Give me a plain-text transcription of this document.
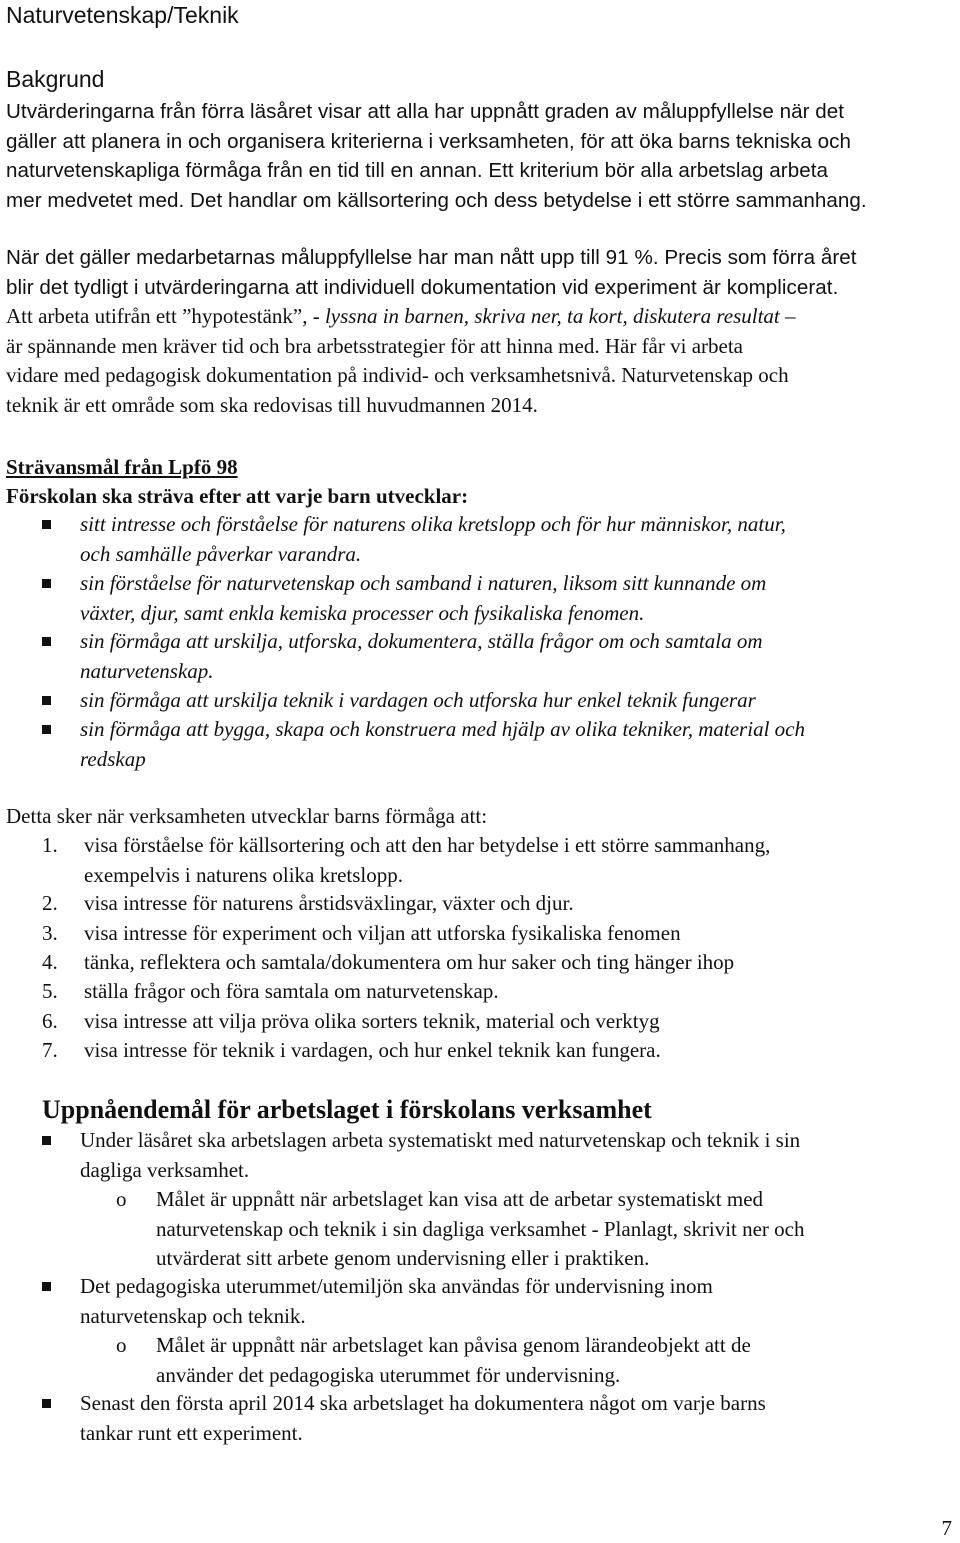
Naturvetenskap/Teknik
Bakgrund

Utvärderingarna från förra läsåret visar att alla har uppnått graden av måluppfyllelse när det
gäller att planera in och organisera kriterierna i verksamheten, för att öka barns tekniska och
naturvetenskapliga förmåga från en tid till en annan. Ett kriterium bör alla arbetslag arbeta
mer medvetet med. Det handlar om källsortering och dess betydelse i ett större sammanhang.

När det gäller medarbetarnas måluppfyllelse har man nått upp till 91 %. Precis som förra året
blir det tydligt i utvärderingarna att individuell dokumentation vid experiment är komplicerat.

Att arbeta utifrån ett ”hypotestänk”, - lyssna in barnen, skriva ner, ta kort, diskutera resultat –
är spännande men kräver tid och bra arbetsstrategier för att hinna med. Här får vi arbeta
vidare med pedagogisk dokumentation på individ- och verksamhetsnivå. Naturvetenskap och
teknik är ett område som ska redovisas till huvudmannen 2014.

Strävansmål från Lpfö 98

Förskolan ska sträva efter att varje barn utvecklar:

sitt intresse och förståelse för naturens olika kretslopp och för hur människor, natur,
och samhälle påverkar varandra.
sin förståelse för naturvetenskap och samband i naturen, liksom sitt kunnande om
växter, djur, samt enkla kemiska processer och fysikaliska fenomen.
sin förmåga att urskilja, utforska, dokumentera, ställa frågor om och samtala om
naturvetenskap.
sin förmåga att urskilja teknik i vardagen och utforska hur enkel teknik fungerar
sin förmåga att bygga, skapa och konstruera med hjälp av olika tekniker, material och
redskap

Detta sker när verksamheten utvecklar barns förmåga att:

1. visa förståelse för källsortering och att den har betydelse i ett större sammanhang,
exempelvis i naturens olika kretslopp.
2. visa intresse för naturens årstidsväxlingar, växter och djur.
3. visa intresse för experiment och viljan att utforska fysikaliska fenomen
4. tänka, reflektera och samtala/dokumentera om hur saker och ting hänger ihop
5. ställa frågor och föra samtala om naturvetenskap.
6. visa intresse att vilja pröva olika sorters teknik, material och verktyg
7. visa intresse för teknik i vardagen, och hur enkel teknik kan fungera.
Uppnåendemål för arbetslaget i förskolans verksamhet
Under läsåret ska arbetslagen arbeta systematiskt med naturvetenskap och teknik i sin
dagliga verksamhet.
o Målet är uppnått när arbetslaget kan visa att de arbetar systematiskt med
naturvetenskap och teknik i sin dagliga verksamhet - Planlagt, skrivit ner och
utvärderat sitt arbete genom undervisning eller i praktiken.
Det pedagogiska uterummet/utemiljön ska användas för undervisning inom
naturvetenskap och teknik.
o Målet är uppnått när arbetslaget kan påvisa genom lärandeobjekt att de
använder det pedagogiska uterummet för undervisning.
Senast den första april 2014 ska arbetslaget ha dokumentera något om varje barns
tankar runt ett experiment.
7
